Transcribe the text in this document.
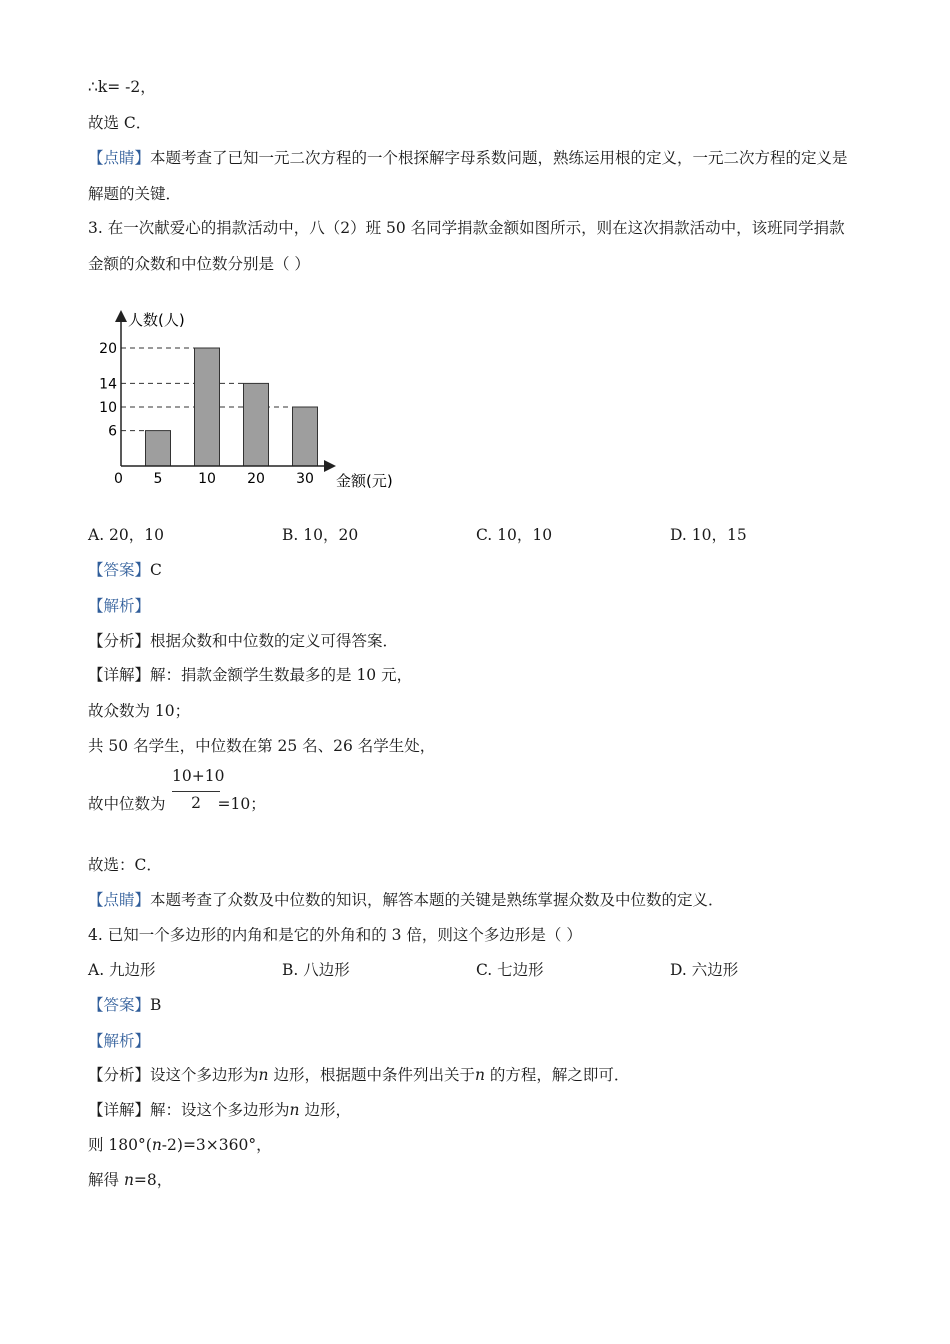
∴k= -2，
故选 C．
【点睛】本题考查了已知一元二次方程的一个根探解字母系数问题，熟练运用根的定义，一元二次方程的定义是解题的关键．
3. 在一次献爱心的捐款活动中，八（2）班 50 名同学捐款金额如图所示，则在这次捐款活动中，该班同学捐款金额的众数和中位数分别是（ ）
6
10
14
20
5	10 20 30
人数(人)
金额(元)
0
A. 20，10	B. 10，20	C. 10，10	D. 10，15
【答案】C
【解析】
【分析】根据众数和中位数的定义可得答案．
【详解】解：捐款金额学生数最多的是 10 元，
故众数为 10；
共 50 名学生，中位数在第 25 名、26 名学生处，
故中位数为	=10；
10+10
2
故选：C．
【点睛】本题考查了众数及中位数的知识，解答本题的关键是熟练掌握众数及中位数的定义．
4. 已知一个多边形的内角和是它的外角和的 3 倍，则这个多边形是（ ）
A. 九边形	B. 八边形	C. 七边形	D. 六边形
【答案】B
【解析】
【分析】设这个多边形为n 边形，根据题中条件列出关于n 的方程，解之即可．
【详解】解：设这个多边形为n 边形，
则 180°(n-2)=3×360°，
解得 n=8，
